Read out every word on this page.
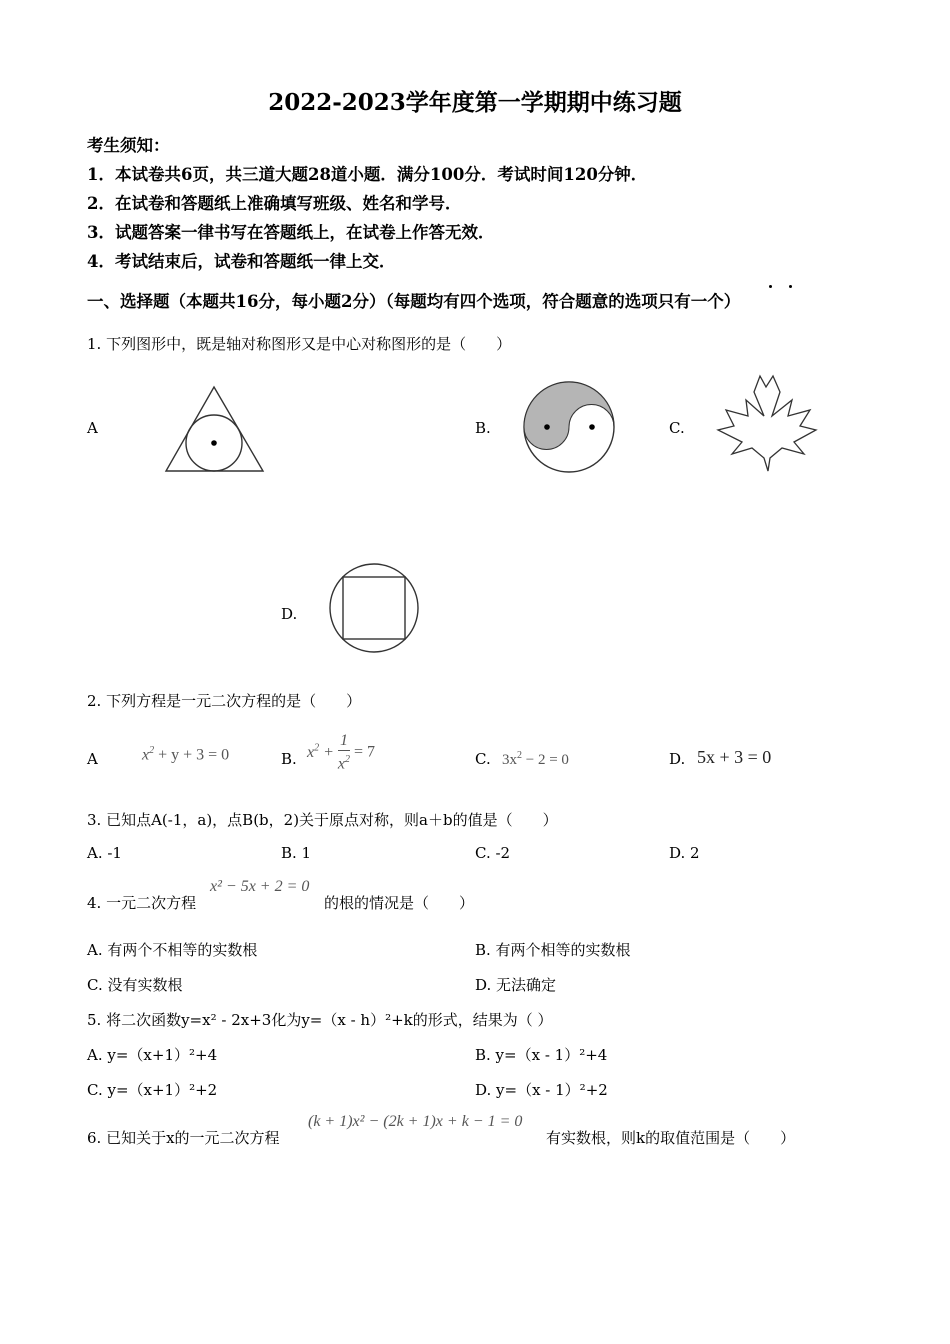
2022-2023学年度第一学期期中练习题
考生须知：
1．本试卷共6页，共三道大题28道小题．满分100分．考试时间120分钟．
2．在试卷和答题纸上准确填写班级、姓名和学号．
3．试题答案一律书写在答题纸上，在试卷上作答无效．
4．考试结束后，试卷和答题纸一律上交．
一、选择题（本题共16分，每小题2分）（每题均有四个选项，符合题意的选项只有一个）
1. 下列图形中，既是轴对称图形又是中心对称图形的是（　　）
A	B.	C.
D.
2. 下列方程是一元二次方程的是（　　）
A	B.	C.	D.
$x^2 + y + 3 = 0$	$x^2 + \frac{1}{x^2} = 7$	$3x^2 - 2 = 0$	5x + 3 = 0
3. 已知点A(-1，a)，点B(b，2)关于原点对称，则a＋b的值是（　　）
A. -1	B. 1	C. -2	D. 2
4. 一元二次方程
x² − 5x + 2 = 0
的根的情况是（　　）
A. 有两个不相等的实数根	B. 有两个相等的实数根
C. 没有实数根	D. 无法确定
5. 将二次函数y=x² - 2x+3化为y=（x - h）²+k的形式，结果为（ ）
A. y=（x+1）²+4	B. y=（x - 1）²+4
C. y=（x+1）²+2	D. y=（x - 1）²+2
6. 已知关于x的一元二次方程
(k + 1)x² − (2k + 1)x + k − 1 = 0
有实数根，则k的取值范围是（　　）
